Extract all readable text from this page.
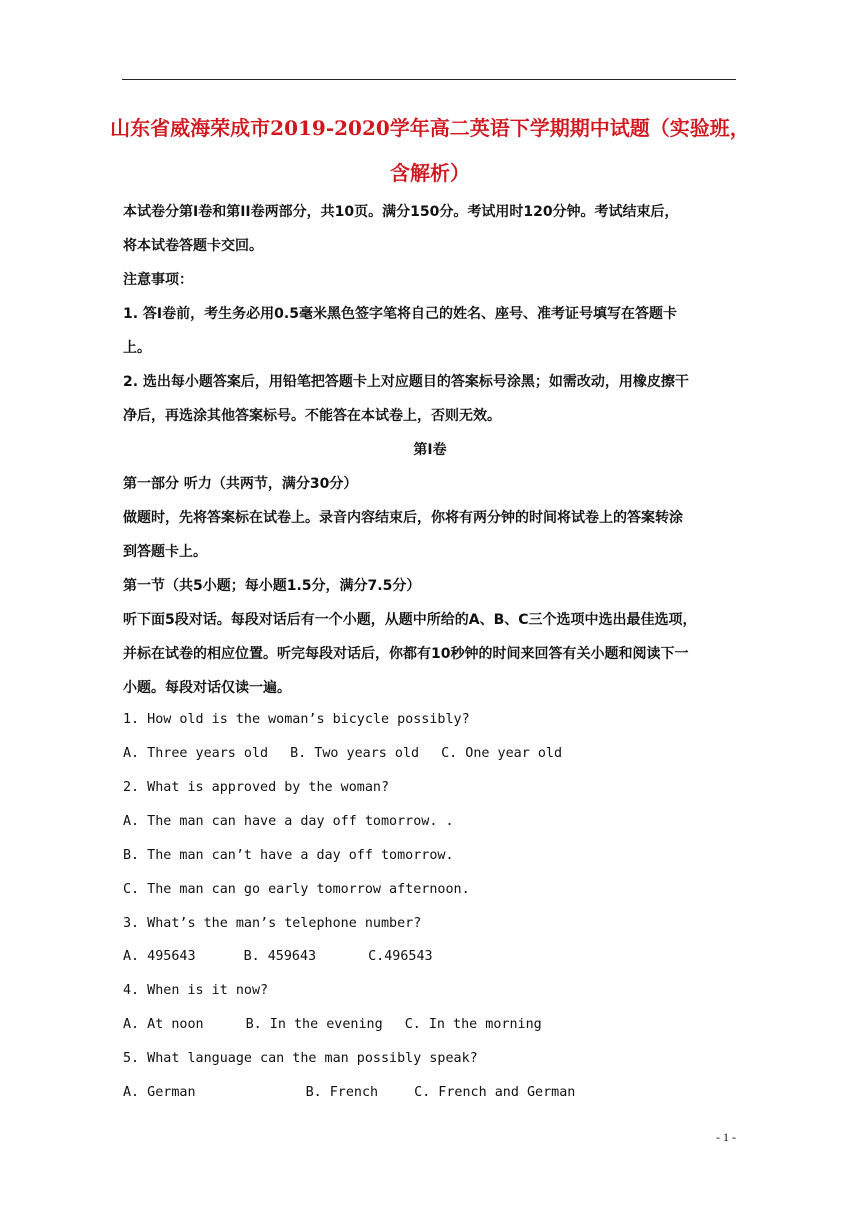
山东省威海荣成市2019-2020学年高二英语下学期期中试题（实验班，
含解析）
本试卷分第Ⅰ卷和第II卷两部分，共10页。满分150分。考试用时120分钟。考试结束后，
将本试卷答题卡交回。
注意事项：
1. 答Ⅰ卷前，考生务必用0.5毫米黑色签字笔将自己的姓名、座号、准考证号填写在答题卡
上。
2. 选出每小题答案后，用铅笔把答题卡上对应题目的答案标号涂黑；如需改动，用橡皮擦干
净后，再选涂其他答案标号。不能答在本试卷上，否则无效。
第Ⅰ卷
第一部分 听力（共两节，满分30分）
做题时，先将答案标在试卷上。录音内容结束后，你将有两分钟的时间将试卷上的答案转涂
到答题卡上。
第一节（共5小题；每小题1.5分，满分7.5分）
听下面5段对话。每段对话后有一个小题，从题中所给的A、B、C三个选项中选出最佳选项，
并标在试卷的相应位置。听完每段对话后，你都有10秒钟的时间来回答有关小题和阅读下一
小题。每段对话仅读一遍。
1. How old is the woman’s bicycle possibly?
A. Three years old B. Two years old C. One year old
2. What is approved by the woman?
A. The man can have a day off tomorrow. .
B. The man can’t have a day off tomorrow.
C. The man can go early tomorrow afternoon.
3. What’s the man’s telephone number?
A. 495643	B. 459643	C.496543
4. When is it now?
A. At noon	B. In the evening C. In the morning
5. What language can the man possibly speak?
A. German	B. French	C. French and German
- 1 -
